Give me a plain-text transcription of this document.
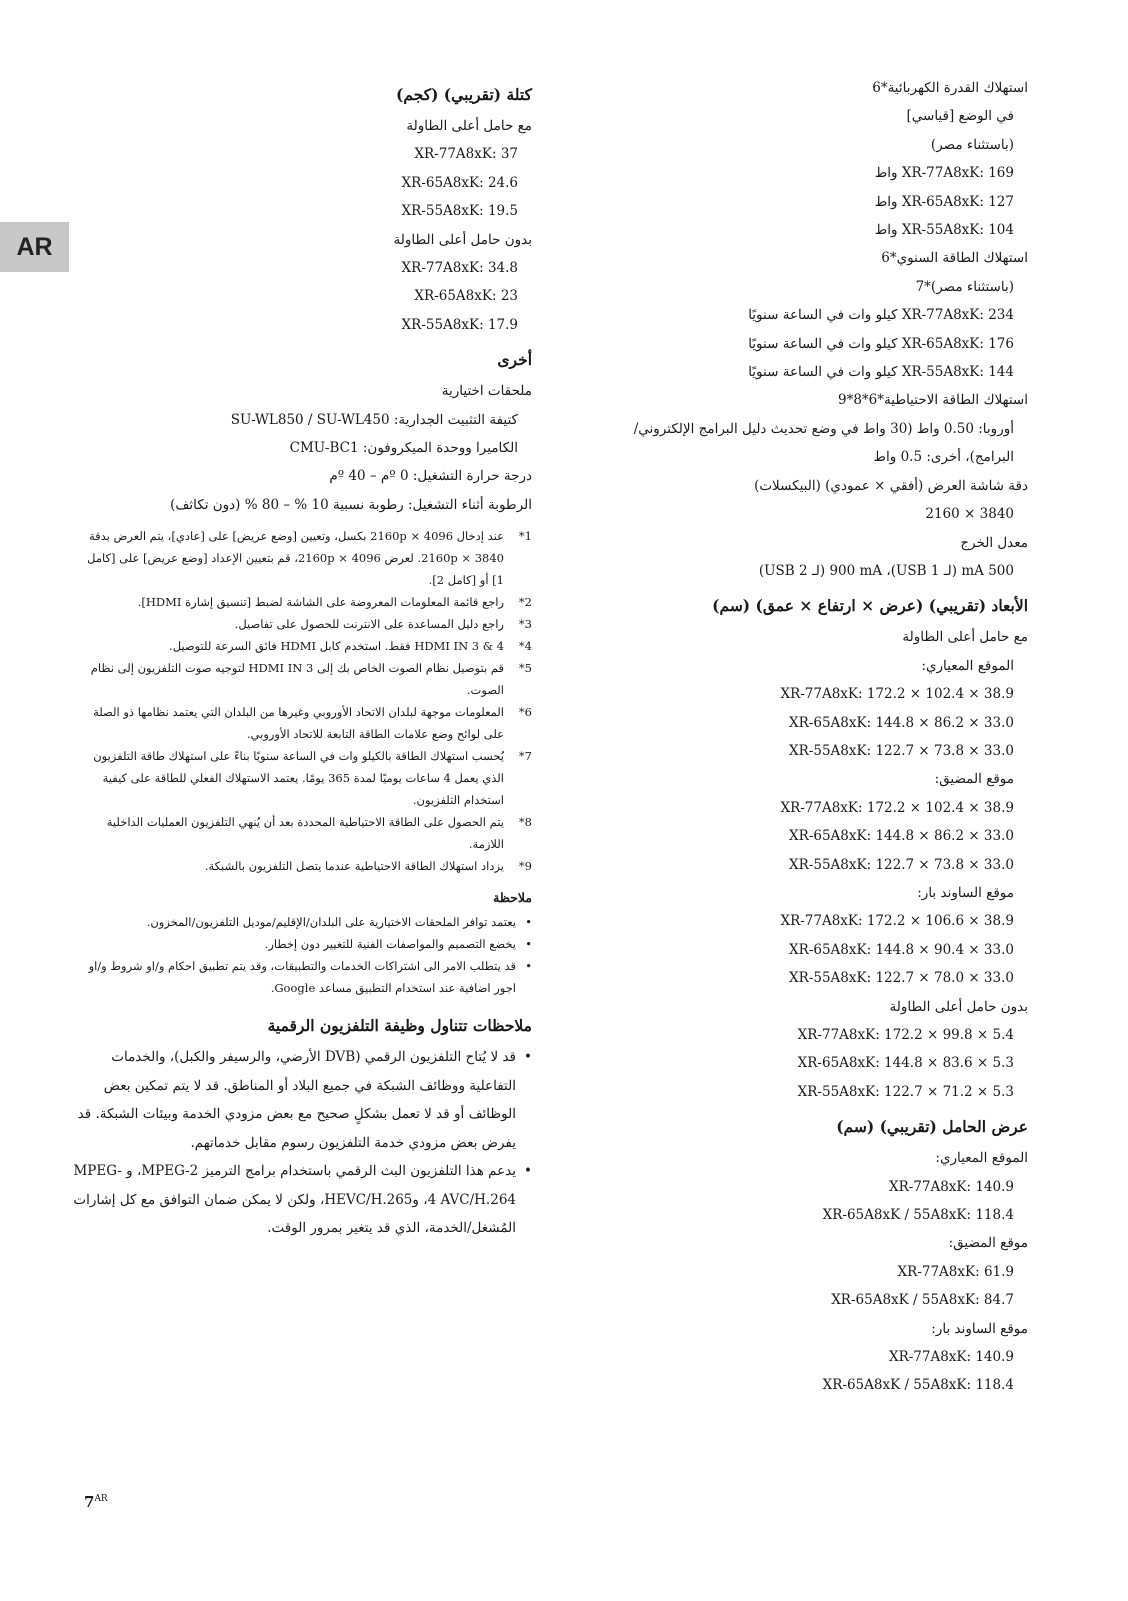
AR
استهلاك القدرة الكهربائية*6
في الوضع [قياسي]
(باستثناء مصر)
XR-77A8xK: 169 واط
XR-65A8xK: 127 واط
XR-55A8xK: 104 واط
استهلاك الطاقة السنوي*6
(باستثناء مصر)*7
XR-77A8xK: 234 كيلو وات في الساعة سنويًا
XR-65A8xK: 176 كيلو وات في الساعة سنويًا
XR-55A8xK: 144 كيلو وات في الساعة سنويًا
استهلاك الطاقة الاحتياطية*6*8*9
أوروبا: 0.50 واط (30 واط في وضع تحديث دليل البرامج الإلكتروني/
البرامج)، أخرى: 0.5 واط
دقة شاشة العرض (أفقي × عمودي) (البيكسلات)
3840 × 2160
معدل الخرج
500 mA (لـ USB 1)، 900 mA (لـ USB 2)
الأبعاد (تقريبي) (عرض × ارتفاع × عمق) (سم)
مع حامل أعلى الطاولة
الموقع المعياري:
XR-77A8xK: 172.2 × 102.4 × 38.9
XR-65A8xK: 144.8 × 86.2 × 33.0
XR-55A8xK: 122.7 × 73.8 × 33.0
موقع المضيق:
XR-77A8xK: 172.2 × 102.4 × 38.9
XR-65A8xK: 144.8 × 86.2 × 33.0
XR-55A8xK: 122.7 × 73.8 × 33.0
موقع الساوند بار:
XR-77A8xK: 172.2 × 106.6 × 38.9
XR-65A8xK: 144.8 × 90.4 × 33.0
XR-55A8xK: 122.7 × 78.0 × 33.0
بدون حامل أعلى الطاولة
XR-77A8xK: 172.2 × 99.8 × 5.4
XR-65A8xK: 144.8 × 83.6 × 5.3
XR-55A8xK: 122.7 × 71.2 × 5.3
عرض الحامل (تقريبي) (سم)
الموقع المعياري:
XR-77A8xK: 140.9
XR-65A8xK / 55A8xK: 118.4
موقع المضيق:
XR-77A8xK: 61.9
XR-65A8xK / 55A8xK: 84.7
موقع الساوند بار:
XR-77A8xK: 140.9
XR-65A8xK / 55A8xK: 118.4
كتلة (تقريبي) (كجم)
مع حامل أعلى الطاولة
XR-77A8xK: 37
XR-65A8xK: 24.6
XR-55A8xK: 19.5
بدون حامل أعلى الطاولة
XR-77A8xK: 34.8
XR-65A8xK: 23
XR-55A8xK: 17.9
أخرى
ملحقات اختيارية
كتيفة التثبيت الجدارية: SU-WL850 / SU-WL450
الكاميرا ووحدة الميكروفون: CMU-BC1
درجة حرارة التشغيل: 0 ºم – 40 ºم
الرطوبة أثناء التشغيل: رطوبة نسبية 10 % – 80 % (دون تكاثف)
*1
عند إدخال 4096 × 2160p بكسل، وتعيين [وضع عريض] على [عادي]، يتم العرض بدقة 3840 × 2160p. لعرض 4096 × 2160p، قم بتعيين الإعداد [وضع عريض] على [كامل 1] أو [كامل 2].
*2
راجع قائمة المعلومات المعروضة على الشاشة لضبط [تنسيق إشارة HDMI].
*3
راجع دليل المساعدة على الانترنت للحصول على تفاصيل.
*4
HDMI IN 3 & 4 فقط. استخدم كابل HDMI فائق السرعة للتوصيل.
*5
قم بتوصيل نظام الصوت الخاص بك إلى HDMI IN 3 لتوجيه صوت التلفزيون إلى نظام الصوت.
*6
المعلومات موجهة لبلدان الاتحاد الأوروبي وغيرها من البلدان التي يعتمد نظامها ذو الصلة على لوائح وضع علامات الطاقة التابعة للاتحاد الأوروبي.
*7
يُحسب استهلاك الطاقة بالكيلو وات في الساعة سنويًا بناءً على استهلاك طاقة التلفزيون الذي يعمل 4 ساعات يوميًا لمدة 365 يومًا. يعتمد الاستهلاك الفعلي للطاقة على كيفية استخدام التلفزيون.
*8
يتم الحصول على الطاقة الاحتياطية المحددة بعد أن يُنهي التلفزيون العمليات الداخلية اللازمة.
*9
يزداد استهلاك الطاقة الاحتياطية عندما يتصل التلفزيون بالشبكة.
ملاحظة
•
يعتمد توافر الملحقات الاختيارية على البلدان/الإقليم/موديل التلفزيون/المخزون.
•
يخضع التصميم والمواصفات الفنية للتغيير دون إخطار.
•
قد يتطلب الامر الى اشتراكات الخدمات والتطبيقات، وقد يتم تطبيق احكام و/او شروط و/او اجور اضافية عند استخدام التطبيق مساعد Google.
ملاحظات تتناول وظيفة التلفزيون الرقمية
•
قد لا يُتاح التلفزيون الرقمي (DVB الأرضي، والرسيفر والكبل)، والخدمات التفاعلية ووظائف الشبكة في جميع البلاد أو المناطق. قد لا يتم تمكين بعض الوظائف أو قد لا تعمل بشكلٍ صحيح مع بعض مزودي الخدمة وبيئات الشبكة. قد يفرض بعض مزودي خدمة التلفزيون رسوم مقابل خدماتهم.
•
يدعم هذا التلفزيون البث الرقمي باستخدام برامج الترميز MPEG-2، و MPEG-4 AVC/H.264، وHEVC/H.265، ولكن لا يمكن ضمان التوافق مع كل إشارات المُشغل/الخدمة، الذي قد يتغير بمرور الوقت.
$7^{AR}$
